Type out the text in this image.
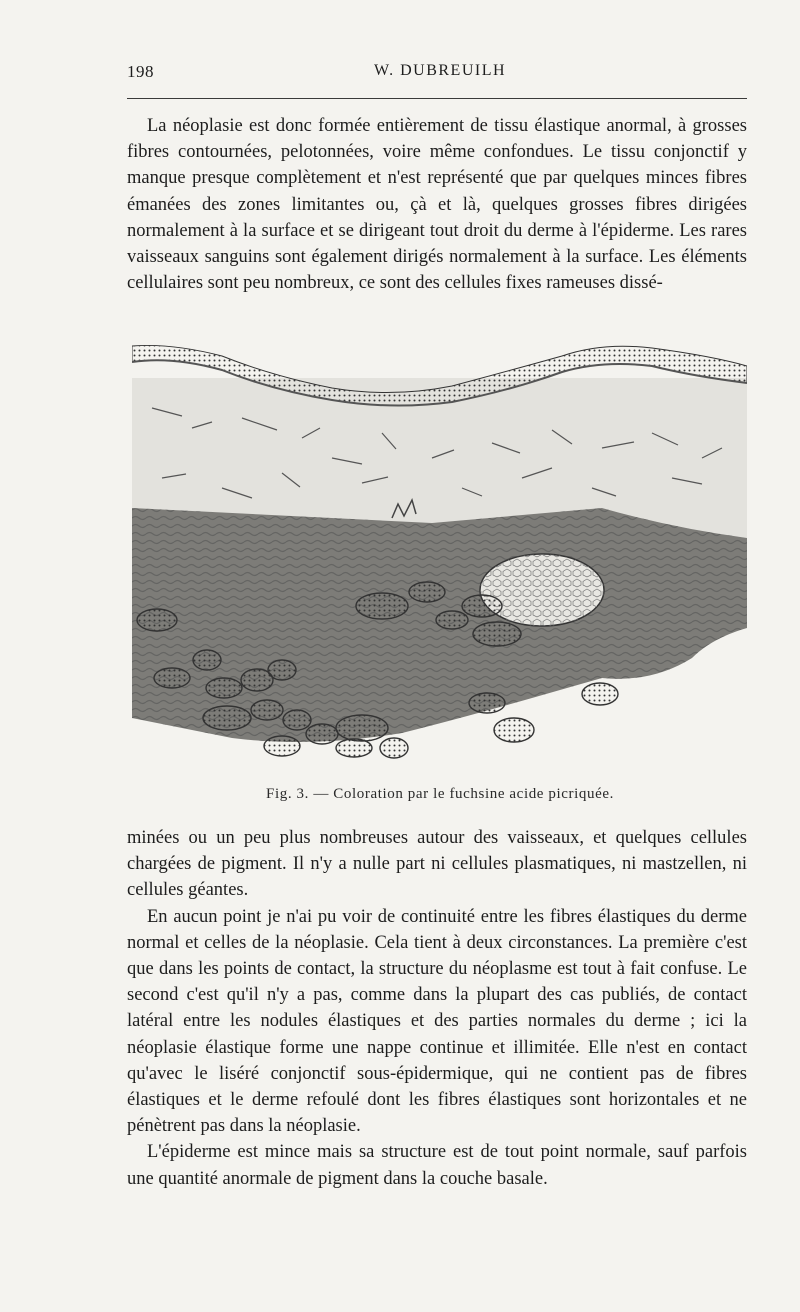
198	W. DUBREUILH

La néoplasie est donc formée entièrement de tissu élastique anormal, à grosses fibres contournées, pelotonnées, voire même confondues. Le tissu conjonctif y manque presque complètement et n'est représenté que par quelques minces fibres émanées des zones limitantes ou, çà et là, quelques grosses fibres dirigées normalement à la surface et se dirigeant tout droit du derme à l'épiderme. Les rares vaisseaux sanguins sont également dirigés normalement à la surface. Les éléments cellulaires sont peu nombreux, ce sont des cellules fixes rameuses dissé-

Fig. 3. — Coloration par le fuchsine acide picriquée.

minées ou un peu plus nombreuses autour des vaisseaux, et quelques cellules chargées de pigment. Il n'y a nulle part ni cellules plasmatiques, ni mastzellen, ni cellules géantes.

En aucun point je n'ai pu voir de continuité entre les fibres élastiques du derme normal et celles de la néoplasie. Cela tient à deux circonstances. La première c'est que dans les points de contact, la structure du néoplasme est tout à fait confuse. Le second c'est qu'il n'y a pas, comme dans la plupart des cas publiés, de contact latéral entre les nodules élastiques et des parties normales du derme ; ici la néoplasie élastique forme une nappe continue et illimitée. Elle n'est en contact qu'avec le liséré conjonctif sous-épidermique, qui ne contient pas de fibres élastiques et le derme refoulé dont les fibres élastiques sont horizontales et ne pénètrent pas dans la néoplasie.

L'épiderme est mince mais sa structure est de tout point normale, sauf parfois une quantité anormale de pigment dans la couche basale.
